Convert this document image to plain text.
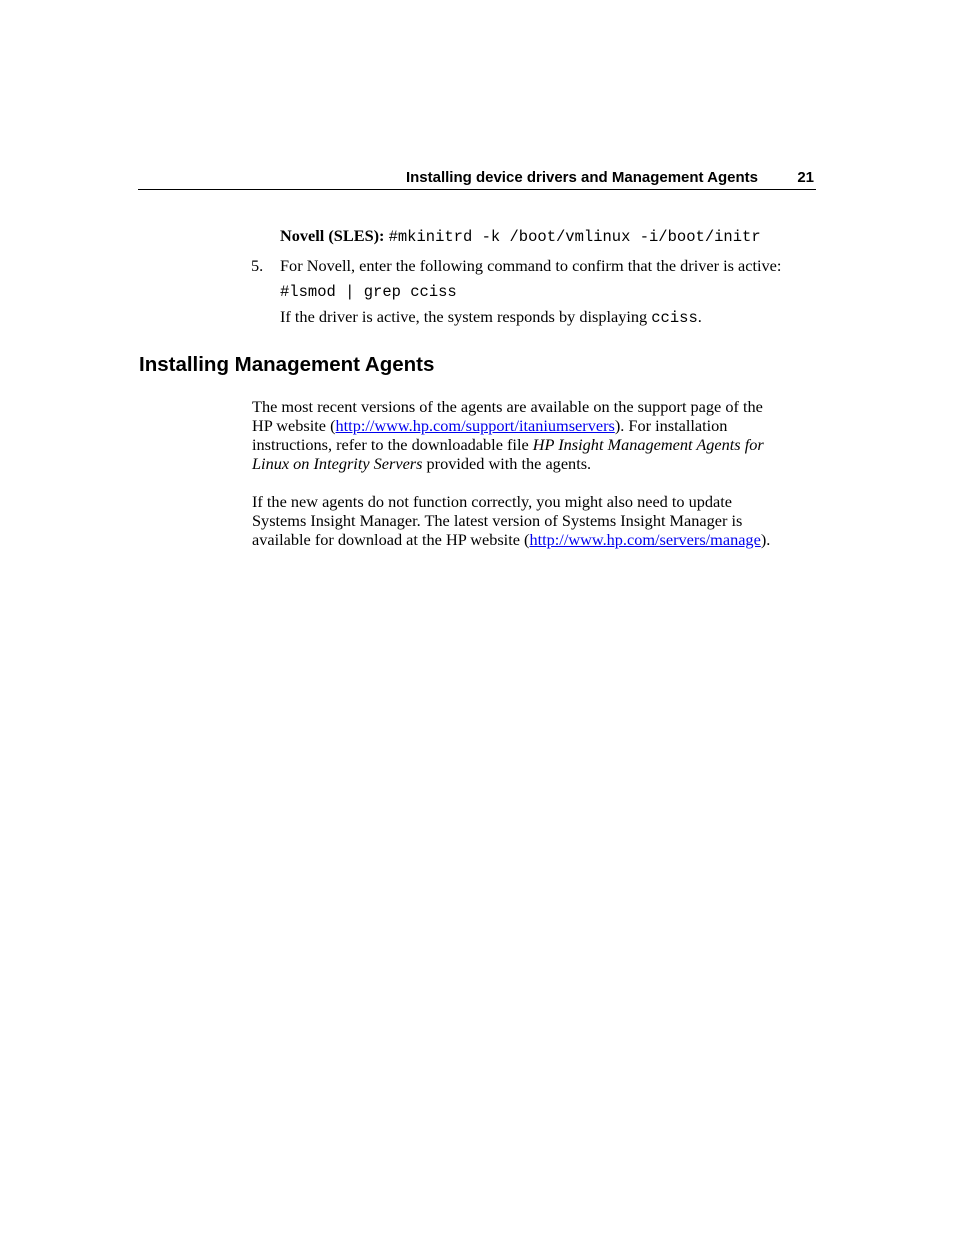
Installing device drivers and Management Agents	21
Novell (SLES): #mkinitrd -k /boot/vmlinux -i/boot/initr
5. For Novell, enter the following command to confirm that the driver is active:
#lsmod | grep cciss
If the driver is active, the system responds by displaying cciss.
Installing Management Agents
The most recent versions of the agents are available on the support page of the
HP website (http://www.hp.com/support/itaniumservers). For installation
instructions, refer to the downloadable file HP Insight Management Agents for
Linux on Integrity Servers provided with the agents.
If the new agents do not function correctly, you might also need to update
Systems Insight Manager. The latest version of Systems Insight Manager is
available for download at the HP website (http://www.hp.com/servers/manage).
